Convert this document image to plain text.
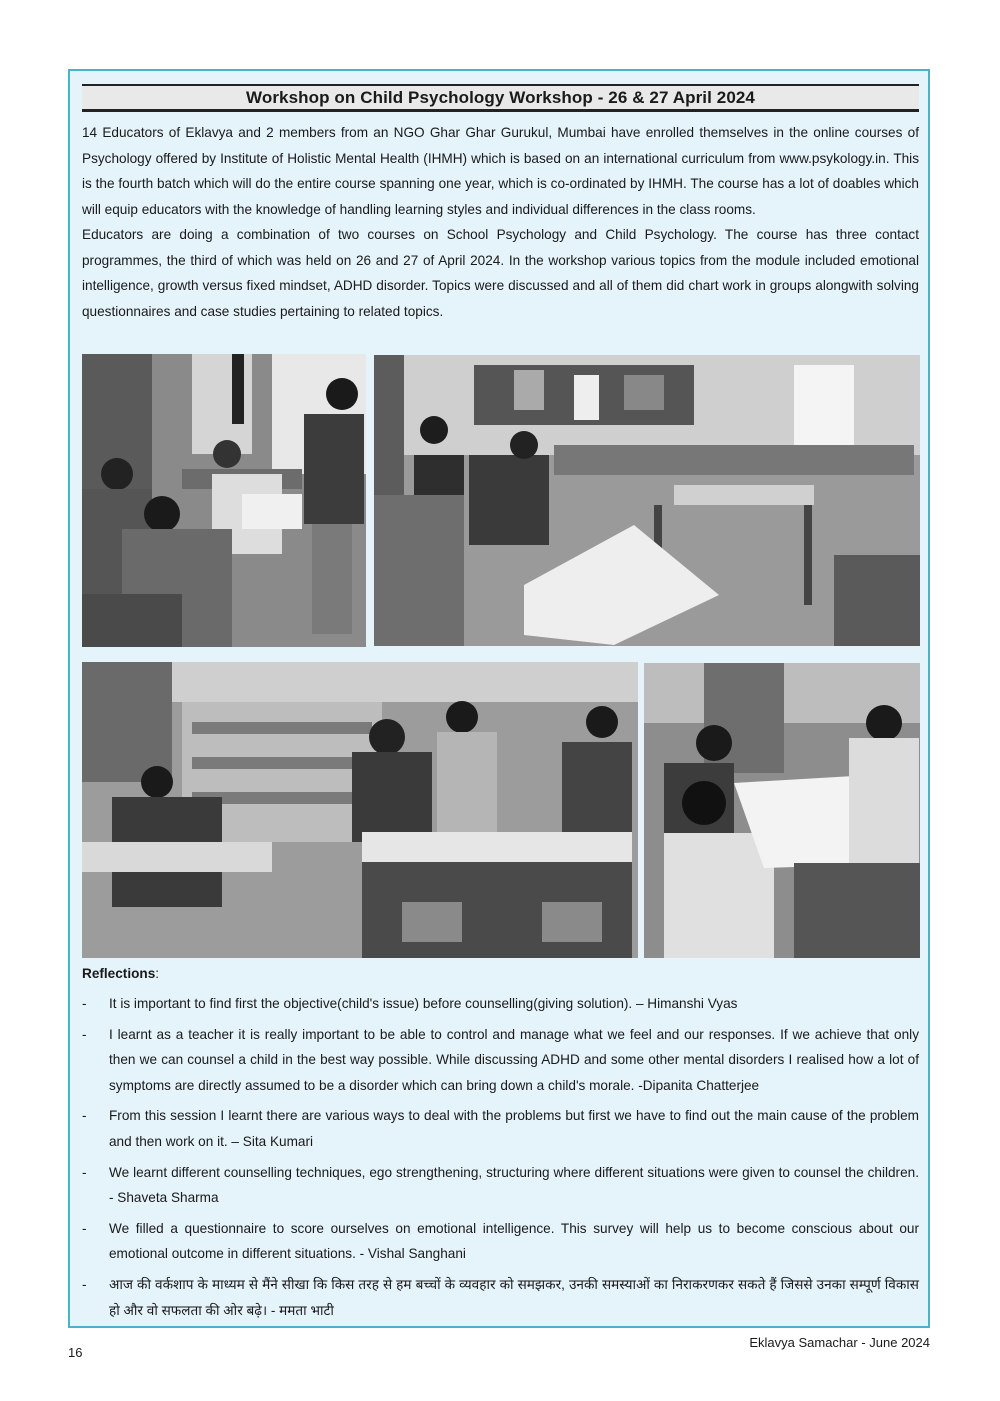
Workshop on Child Psychology Workshop - 26 & 27 April 2024

14 Educators of Eklavya and 2 members from an NGO Ghar Ghar Gurukul, Mumbai have enrolled themselves in the online courses of Psychology offered by Institute of Holistic Mental Health (IHMH) which is based on an international curriculum from www.psykology.in. This is the fourth batch which will do the entire course spanning one year, which is co-ordinated by IHMH. The course has a lot of doables which will equip educators with the knowledge of handling learning styles and individual differences in the class rooms.

Educators are doing a combination of two courses on School Psychology and Child Psychology. The course has three contact programmes, the third of which was held on 26 and 27 of April 2024. In the workshop various topics from the module included emotional intelligence, growth versus fixed mindset, ADHD disorder. Topics were discussed and all of them did chart work in groups alongwith solving questionnaires and case studies pertaining to related topics.

Reflections:
- It is important to find first the objective(child's issue) before counselling(giving solution). – Himanshi Vyas
- I learnt as a teacher it is really important to be able to control and manage what we feel and our responses. If we achieve that only then we can counsel a child in the best way possible. While discussing ADHD and some other mental disorders I realised how a lot of symptoms are directly assumed to be a disorder which can bring down a child's morale. -Dipanita Chatterjee
- From this session I learnt there are various ways to deal with the problems but first we have to find out the main cause of the problem and then work on it. – Sita Kumari
- We learnt different counselling techniques, ego strengthening, structuring where different situations were given to counsel the children. - Shaveta Sharma
- We filled a questionnaire to score ourselves on emotional intelligence. This survey will help us to become conscious about our emotional outcome in different situations. - Vishal Sanghani
- आज की वर्कशाप के माध्यम से मैंने सीखा कि किस तरह से हम बच्चों के व्यवहार को समझकर, उनकी समस्याओं का निराकरणकर सकते हैं जिससे उनका सम्पूर्ण विकास हो और वो सफलता की ओर बढ़े। - ममता भाटी
16
Eklavya Samachar - June 2024
